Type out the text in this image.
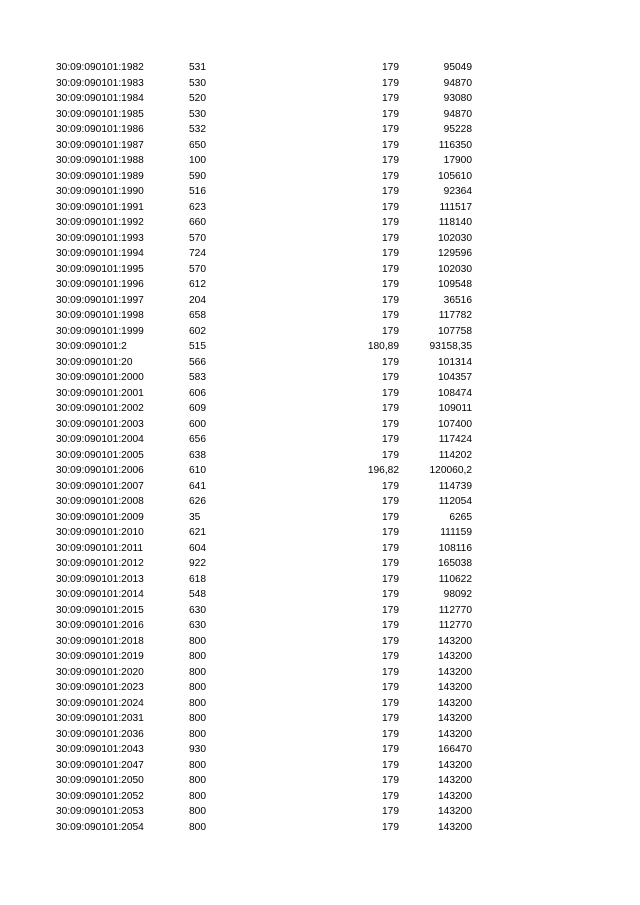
30:09:090101:1982	531	179	95049
30:09:090101:1983	530	179	94870
30:09:090101:1984	520	179	93080
30:09:090101:1985	530	179	94870
30:09:090101:1986	532	179	95228
30:09:090101:1987	650	179	116350
30:09:090101:1988	100	179	17900
30:09:090101:1989	590	179	105610
30:09:090101:1990	516	179	92364
30:09:090101:1991	623	179	111517
30:09:090101:1992	660	179	118140
30:09:090101:1993	570	179	102030
30:09:090101:1994	724	179	129596
30:09:090101:1995	570	179	102030
30:09:090101:1996	612	179	109548
30:09:090101:1997	204	179	36516
30:09:090101:1998	658	179	117782
30:09:090101:1999	602	179	107758
30:09:090101:2	515	180,89	93158,35
30:09:090101:20	566	179	101314
30:09:090101:2000	583	179	104357
30:09:090101:2001	606	179	108474
30:09:090101:2002	609	179	109011
30:09:090101:2003	600	179	107400
30:09:090101:2004	656	179	117424
30:09:090101:2005	638	179	114202
30:09:090101:2006	610	196,82	120060,2
30:09:090101:2007	641	179	114739
30:09:090101:2008	626	179	112054
30:09:090101:2009	35	179	6265
30:09:090101:2010	621	179	111159
30:09:090101:2011	604	179	108116
30:09:090101:2012	922	179	165038
30:09:090101:2013	618	179	110622
30:09:090101:2014	548	179	98092
30:09:090101:2015	630	179	112770
30:09:090101:2016	630	179	112770
30:09:090101:2018	800	179	143200
30:09:090101:2019	800	179	143200
30:09:090101:2020	800	179	143200
30:09:090101:2023	800	179	143200
30:09:090101:2024	800	179	143200
30:09:090101:2031	800	179	143200
30:09:090101:2036	800	179	143200
30:09:090101:2043	930	179	166470
30:09:090101:2047	800	179	143200
30:09:090101:2050	800	179	143200
30:09:090101:2052	800	179	143200
30:09:090101:2053	800	179	143200
30:09:090101:2054	800	179	143200
